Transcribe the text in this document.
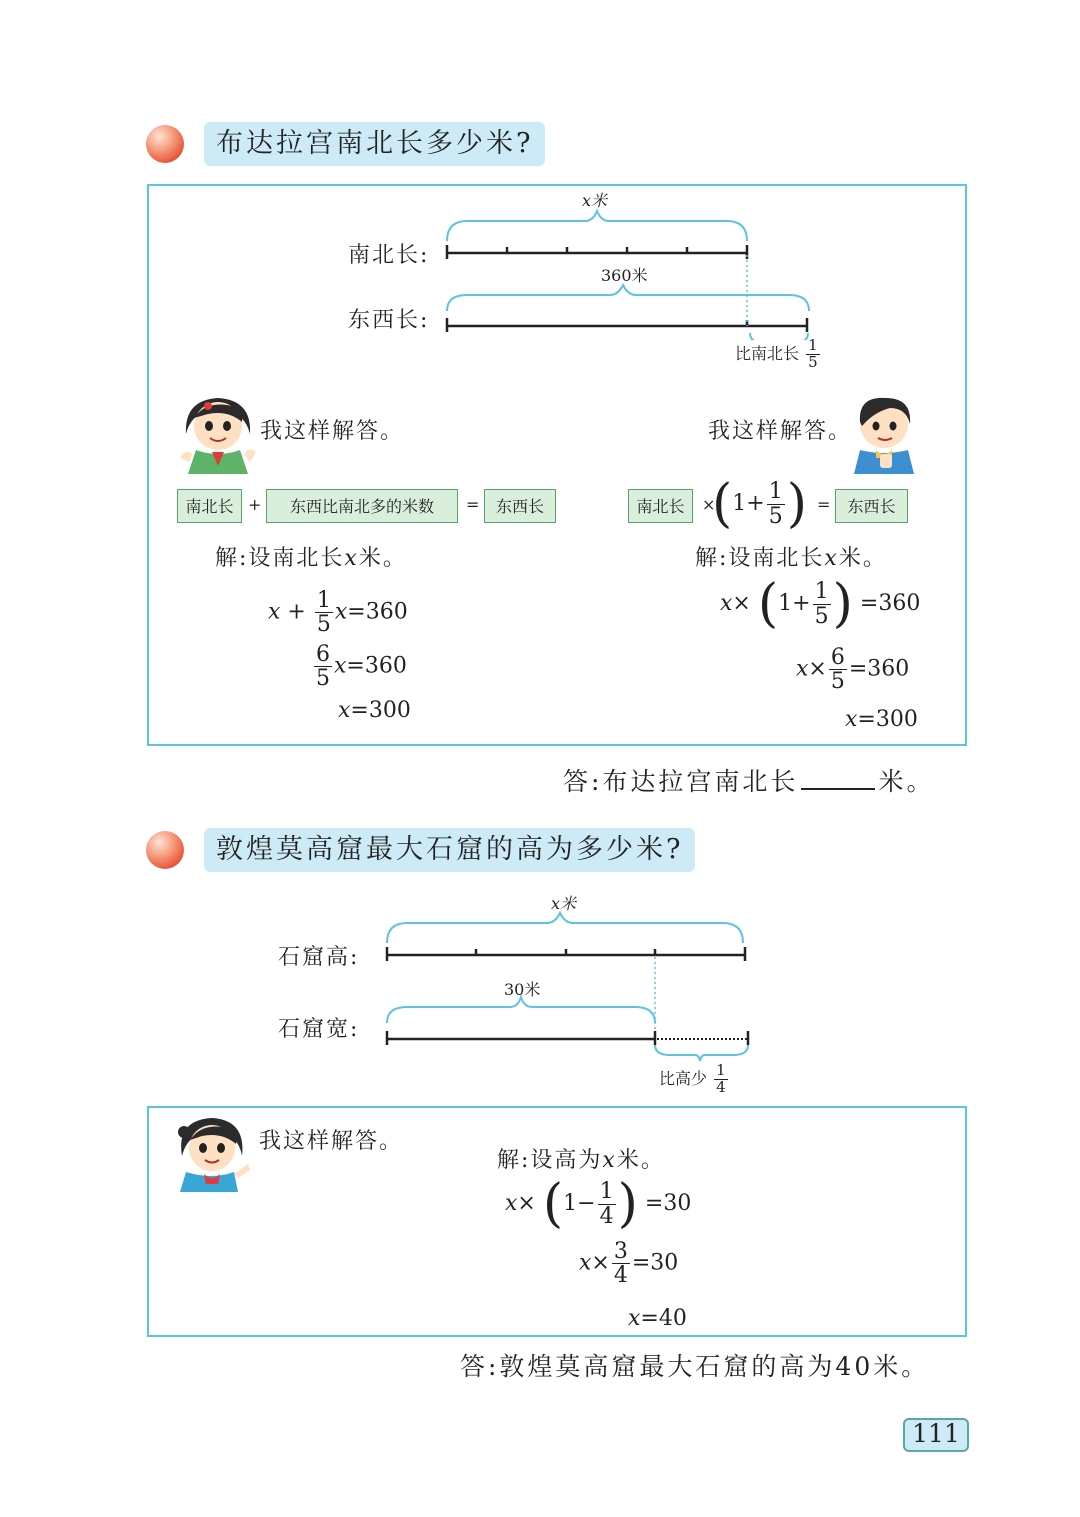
布达拉宫南北长多少米?
x米
南北长:
360米
东西长:
比南北长 $\frac{1}{5}$
我这样解答。
南北长 +	东西比南北多的米数	=	东西长
解:设南北长x米。
$x + \frac{1}{5} x=360$
$\frac{6}{5} x=360$
x=300
我这样解答。
南北长	×
($1+ \frac{1}{5}$ ) =	东西长
解:设南北长x米。
$x\times (1+ \frac{1}{5}$ ) =360
$x\times \frac{6}{5} =360$
x=300
答:布达拉宫南北长	米。
敦煌莫高窟最大石窟的高为多少米?
x米
石窟高:
30米
石窟宽:
比高少 $\frac{1}{4}$
我这样解答。
解:设高为x米。
$x\times (1- \frac{1}{4}$ ) =30
$x\times \frac{3}{4} =30$
x=40
答:敦煌莫高窟最大石窟的高为40米。
111
